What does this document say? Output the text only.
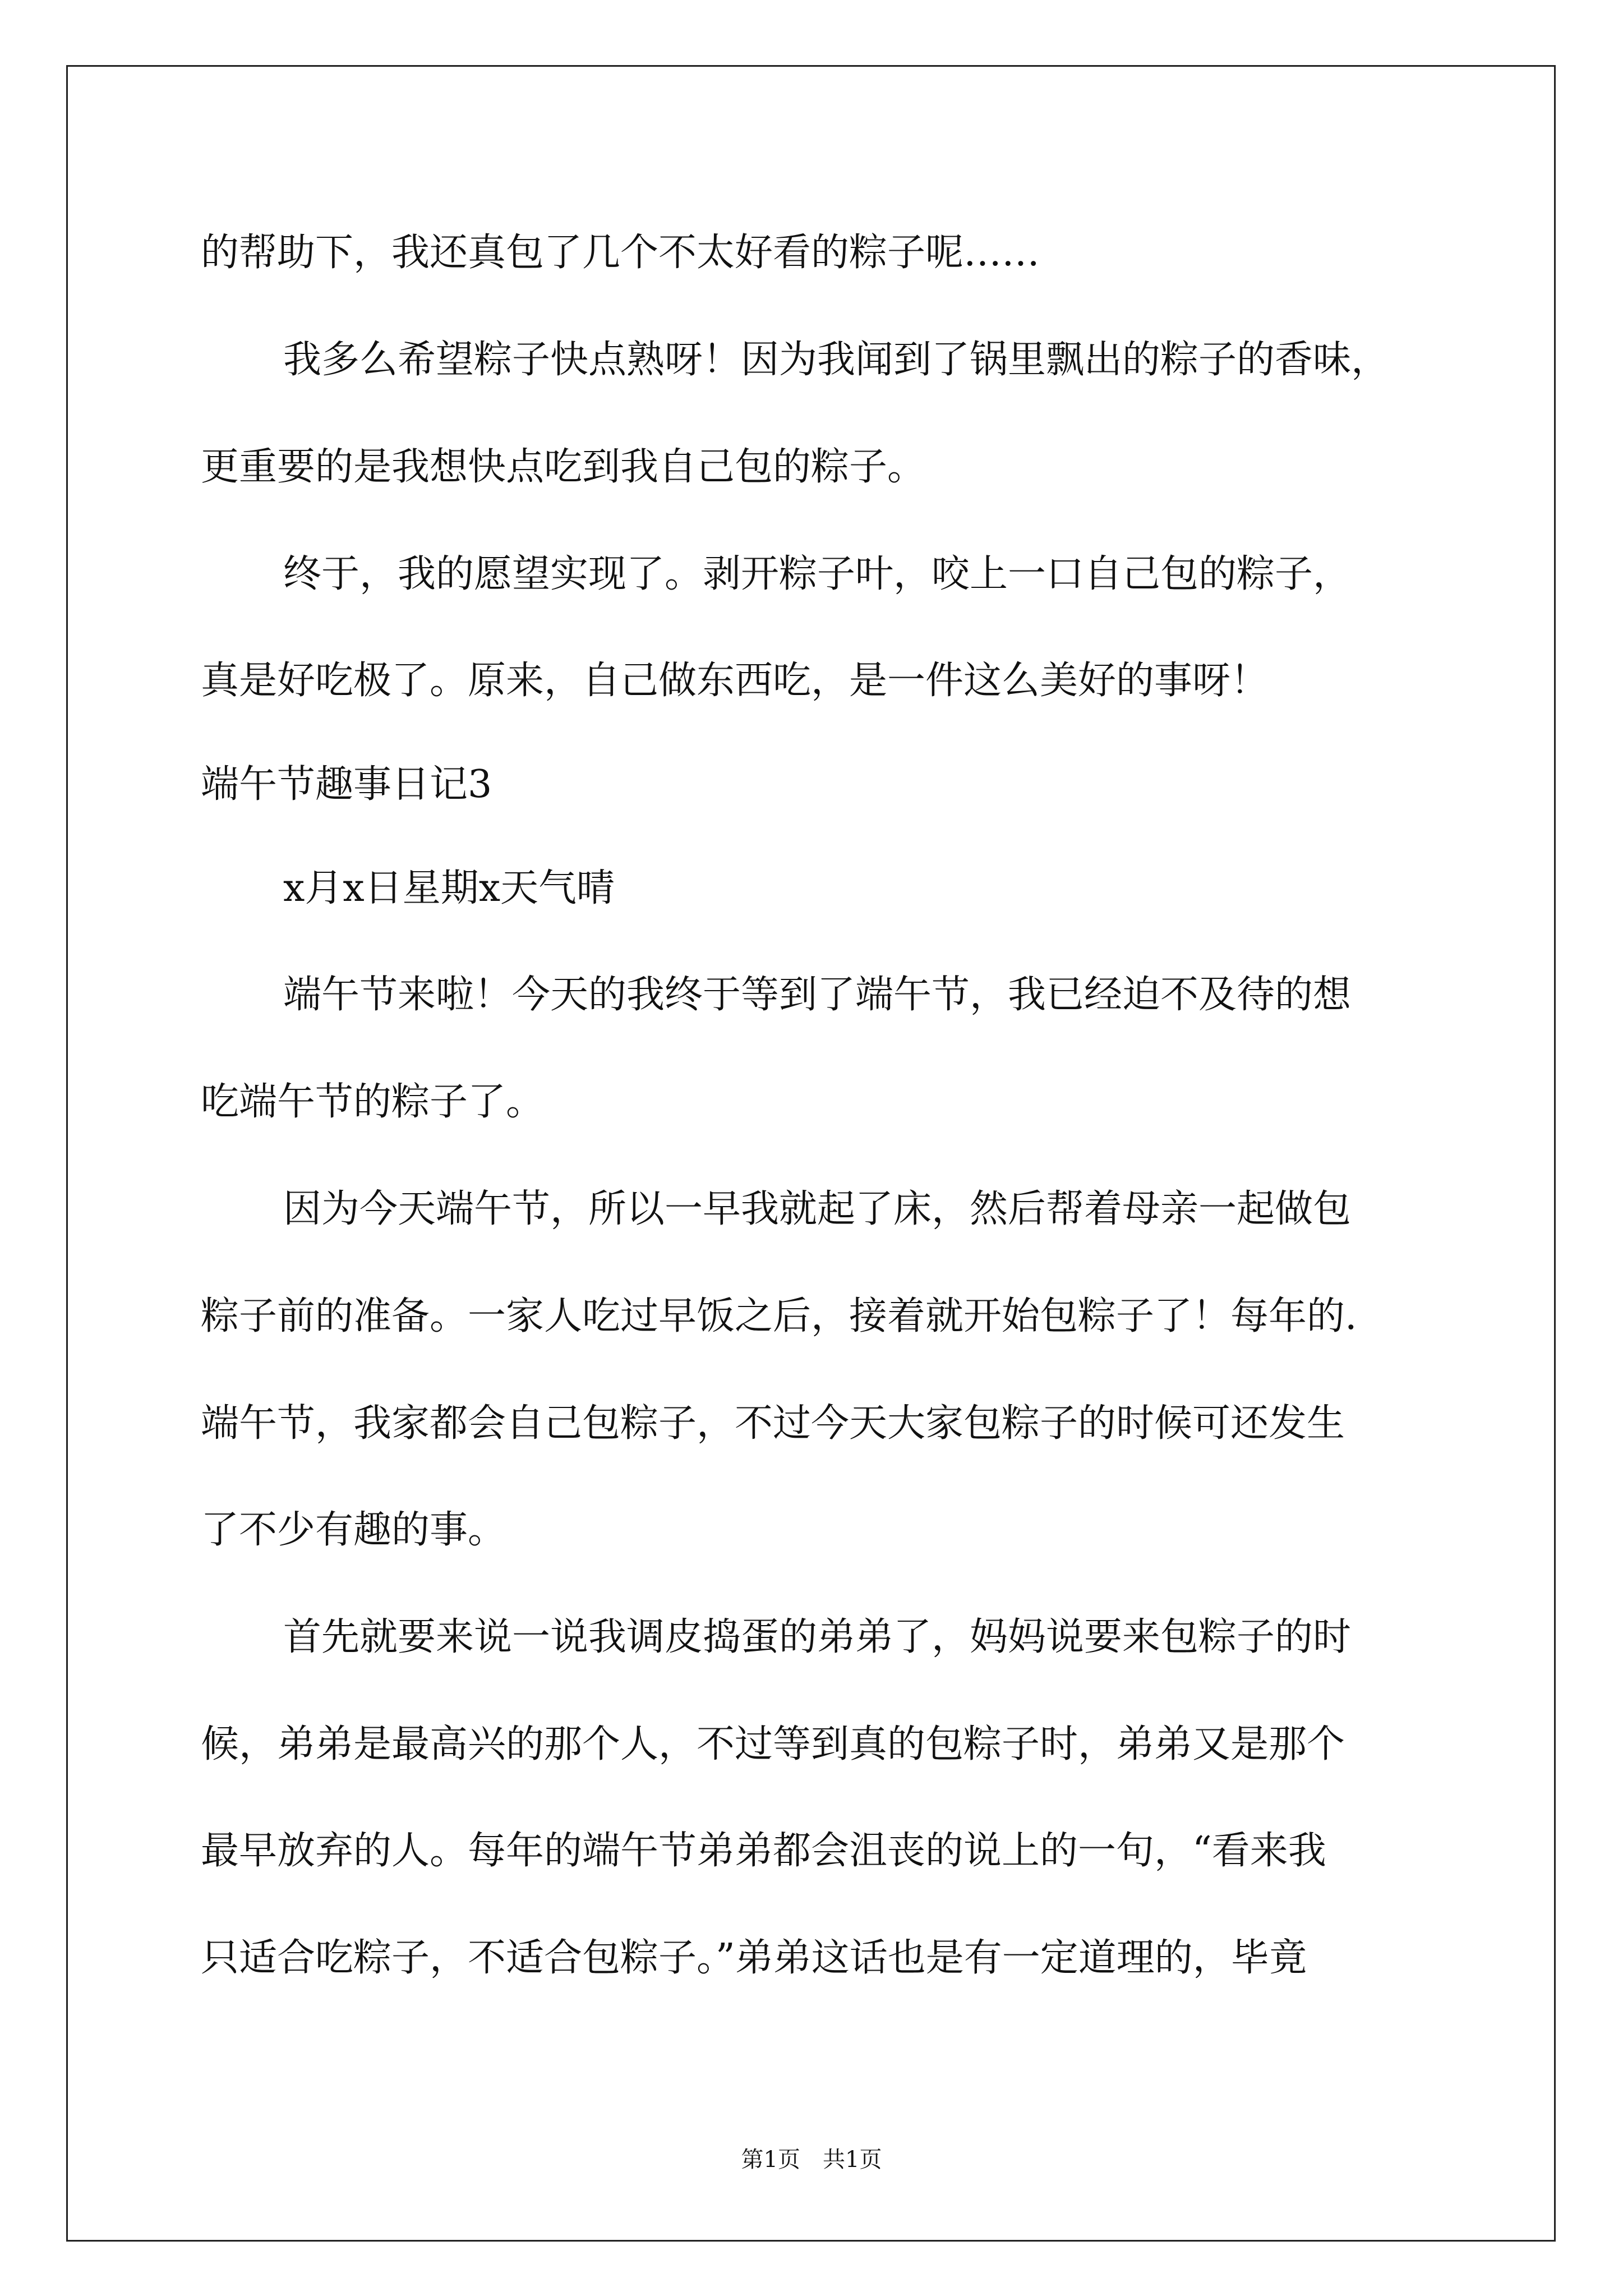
的帮助下，我还真包了几个不太好看的粽子呢……

我多么希望粽子快点熟呀！因为我闻到了锅里飘出的粽子的香味，

更重要的是我想快点吃到我自己包的粽子。

终于，我的愿望实现了。剥开粽子叶，咬上一口自己包的粽子，

真是好吃极了。原来，自己做东西吃，是一件这么美好的事呀！

端午节趣事日记3

x月x日星期x天气晴

端午节来啦！今天的我终于等到了端午节，我已经迫不及待的想

吃端午节的粽子了。

因为今天端午节，所以一早我就起了床，然后帮着母亲一起做包

粽子前的准备。一家人吃过早饭之后，接着就开始包粽子了！每年的.

端午节，我家都会自己包粽子，不过今天大家包粽子的时候可还发生

了不少有趣的事。

首先就要来说一说我调皮捣蛋的弟弟了，妈妈说要来包粽子的时

候，弟弟是最高兴的那个人，不过等到真的包粽子时，弟弟又是那个

最早放弃的人。每年的端午节弟弟都会沮丧的说上的一句，“看来我

只适合吃粽子，不适合包粽子。”弟弟这话也是有一定道理的，毕竟

第1页　共1页
